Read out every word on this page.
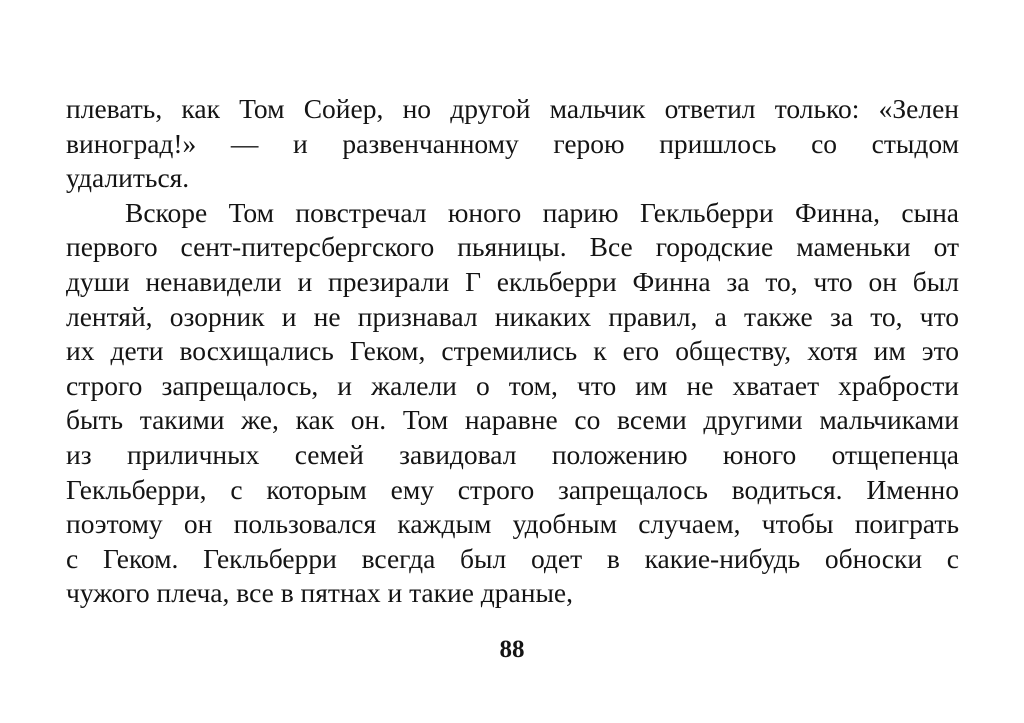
плевать, как Том Сойер, но другой мальчик ответил только: «Зелен
виноград!» — и развенчанному герою пришлось со стыдом
удалиться.
Вскоре Том повстречал юного парию Гекльберри Финна, сына
первого сент-питерсбергского пьяницы. Все городские маменьки от
души ненавидели и презирали Г екльберри Финна за то, что он был
лентяй, озорник и не признавал никаких правил, а также за то, что
их дети восхищались Геком, стремились к его обществу, хотя им это
строго запрещалось, и жалели о том, что им не хватает храбрости
быть такими же, как он. Том наравне со всеми другими мальчиками
из приличных семей завидовал положению юного отщепенца
Гекльберри, с которым ему строго запрещалось водиться. Именно
поэтому он пользовался каждым удобным случаем, чтобы поиграть
с Геком. Гекльберри всегда был одет в какие-нибудь обноски с
чужого плеча, все в пятнах и такие драные,
88
